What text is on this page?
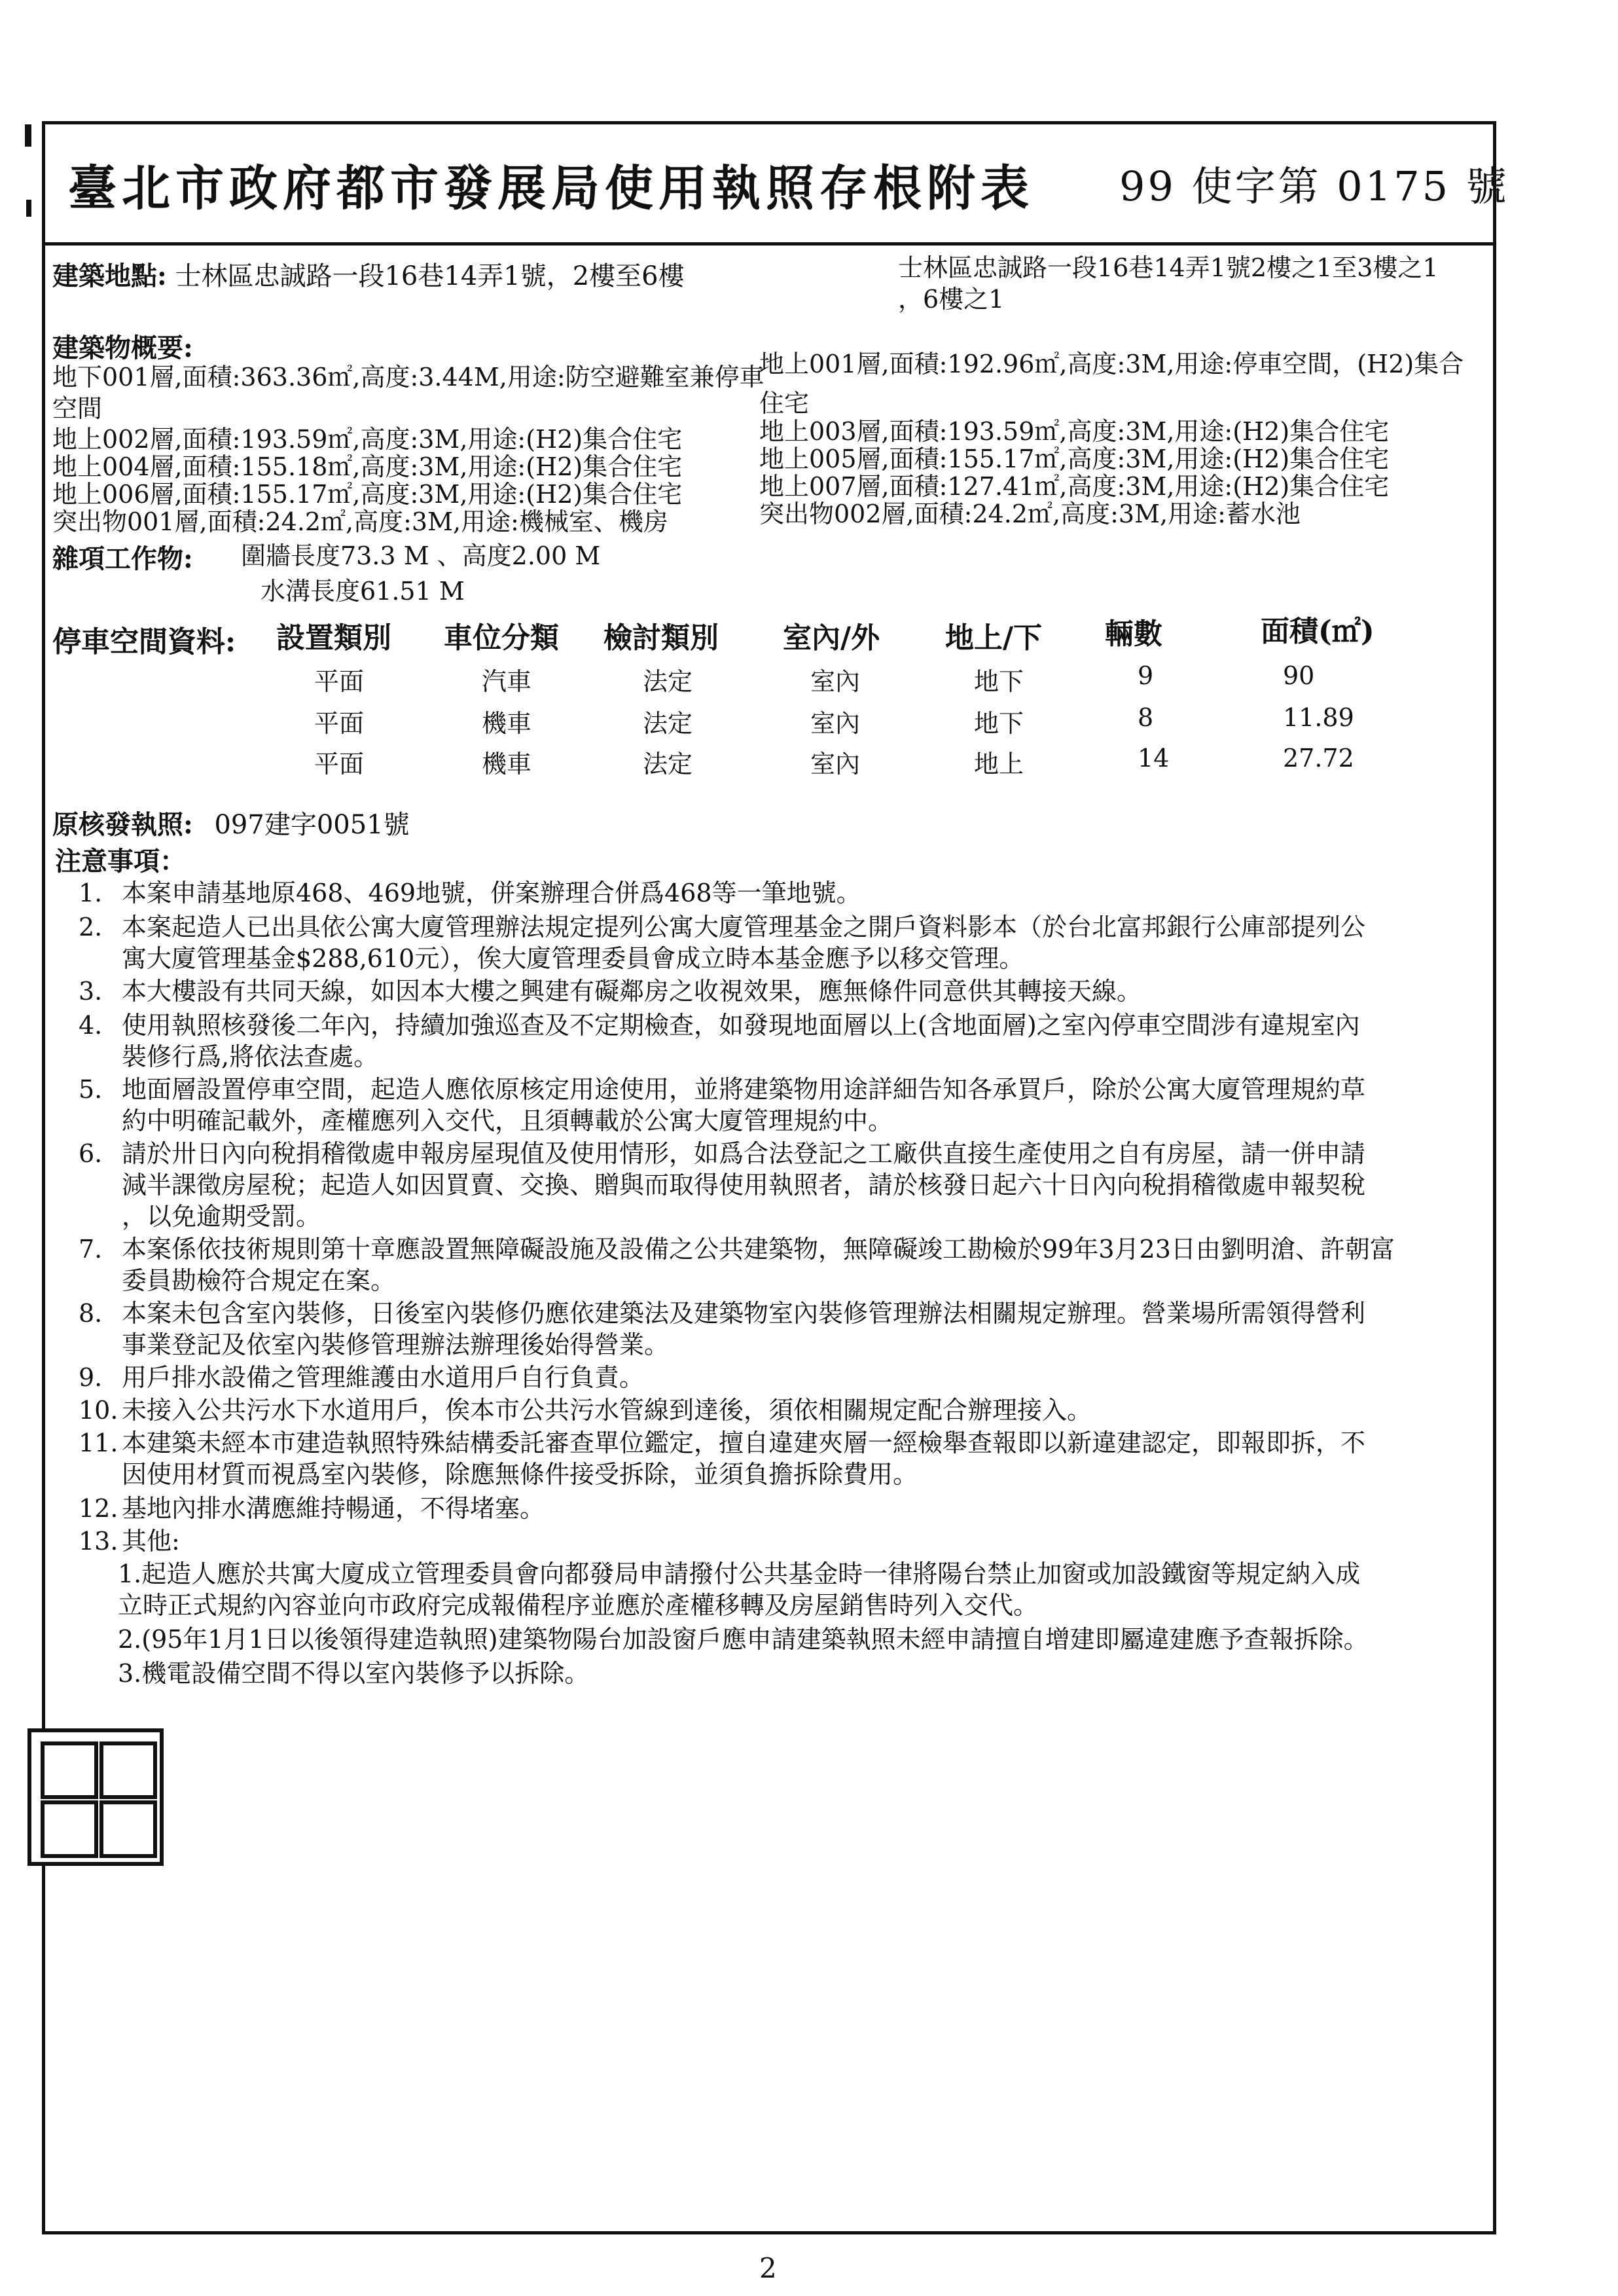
臺北市政府都市發展局使用執照存根附表 99 使字第 0175 號
建築地點: 士林區忠誠路一段16巷14弄1號，2樓至6樓	士林區忠誠路一段16巷14弄1號2樓之1至3樓之1
，6樓之1
建築物概要:
地下001層,面積:363.36㎡,高度:3.44M,用途:防空避難室兼停車
空間
地上001層,面積:192.96㎡,高度:3M,用途:停車空間，(H2)集合
住宅
地上002層,面積:193.59㎡,高度:3M,用途:(H2)集合住宅
地上004層,面積:155.18㎡,高度:3M,用途:(H2)集合住宅
地上006層,面積:155.17㎡,高度:3M,用途:(H2)集合住宅
突出物001層,面積:24.2㎡,高度:3M,用途:機械室、機房
地上003層,面積:193.59㎡,高度:3M,用途:(H2)集合住宅
地上005層,面積:155.17㎡,高度:3M,用途:(H2)集合住宅
地上007層,面積:127.41㎡,高度:3M,用途:(H2)集合住宅
突出物002層,面積:24.2㎡,高度:3M,用途:蓄水池
雜項工作物: 圍牆長度73.3 M 、高度2.00 M
水溝長度61.51 M
停車空間資料: 設置類別 車位分類 檢討類別 室內/外 地上/下 輛數	面積(㎡)
平面	汽車	法定	室內	地下	9	90
平面	機車	法定	室內	地下	8	11.89
平面	機車	法定	室內	地上	14	27.72
原核發執照: 097建字0051號
注意事項：
1. 本案申請基地原468、469地號，併案辦理合併爲468等一筆地號。
2. 本案起造人已出具依公寓大廈管理辦法規定提列公寓大廈管理基金之開戶資料影本（於台北富邦銀行公庫部提列公
寓大廈管理基金$288,610元），俟大廈管理委員會成立時本基金應予以移交管理。
3. 本大樓設有共同天線，如因本大樓之興建有礙鄰房之收視效果，應無條件同意供其轉接天線。
4. 使用執照核發後二年內，持續加強巡查及不定期檢查，如發現地面層以上(含地面層)之室內停車空間涉有違規室內
裝修行爲,將依法查處。
5. 地面層設置停車空間，起造人應依原核定用途使用，並將建築物用途詳細告知各承買戶，除於公寓大廈管理規約草
約中明確記載外，產權應列入交代，且須轉載於公寓大廈管理規約中。
6. 請於卅日內向稅捐稽徵處申報房屋現值及使用情形，如爲合法登記之工廠供直接生產使用之自有房屋，請一併申請
減半課徵房屋稅；起造人如因買賣、交換、贈與而取得使用執照者，請於核發日起六十日內向稅捐稽徵處申報契稅
，以免逾期受罰。
7. 本案係依技術規則第十章應設置無障礙設施及設備之公共建築物，無障礙竣工勘檢於99年3月23日由劉明滄、許朝富
委員勘檢符合規定在案。
8. 本案未包含室內裝修，日後室內裝修仍應依建築法及建築物室內裝修管理辦法相關規定辦理。營業場所需領得營利
事業登記及依室內裝修管理辦法辦理後始得營業。
9. 用戶排水設備之管理維護由水道用戶自行負責。
10. 未接入公共污水下水道用戶，俟本市公共污水管線到達後，須依相關規定配合辦理接入。
11. 本建築未經本市建造執照特殊結構委託審查單位鑑定，擅自違建夾層一經檢舉查報即以新違建認定，即報即拆，不
因使用材質而視爲室內裝修，除應無條件接受拆除，並須負擔拆除費用。
12. 基地內排水溝應維持暢通，不得堵塞。
13. 其他:
1.起造人應於共寓大廈成立管理委員會向都發局申請撥付公共基金時一律將陽台禁止加窗或加設鐵窗等規定納入成
立時正式規約內容並向市政府完成報備程序並應於產權移轉及房屋銷售時列入交代。
2.(95年1月1日以後領得建造執照)建築物陽台加設窗戶應申請建築執照未經申請擅自增建即屬違建應予查報拆除。
3.機電設備空間不得以室內裝修予以拆除。
2
